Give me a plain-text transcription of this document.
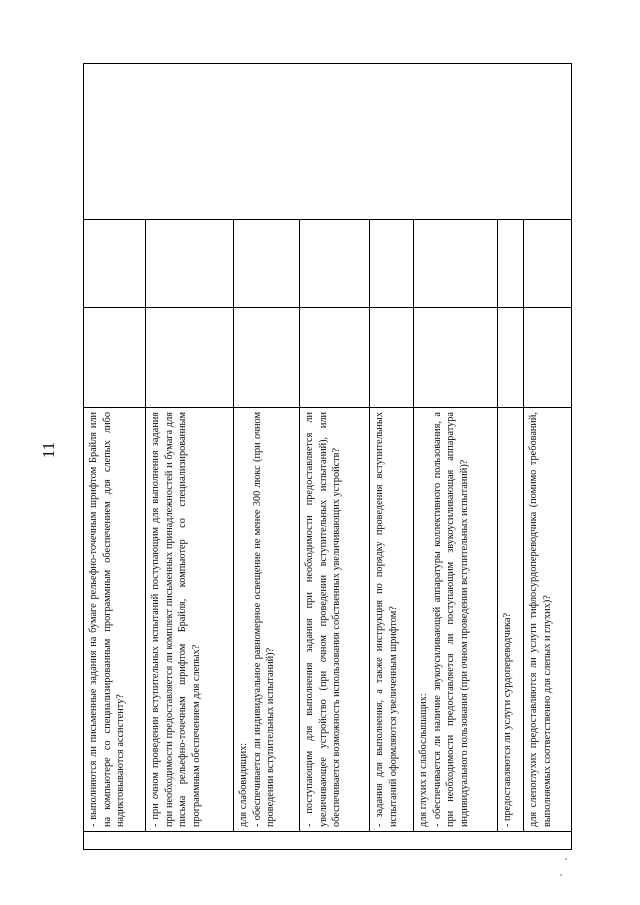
11

	- выполняются ли письменные задания на бумаге рельефно-точечным шрифтом Брайля или на компьютере со специализированным программным обеспечением для слепых либо надиктовываются ассистенту?			

	- при очном проведении вступительных испытаний поступающим для выполнения задания при необходимости предоставляется ли комплект письменных принадлежностей и бумага для письма рельефно-точечным шрифтом Брайля, компьютер со специализированным программным обеспечением для слепых?			

	для слабовидящих: - обеспечивается ли индивидуальное равномерное освещение не менее 300 люкс (при очном проведении вступительных испытаний)?			

	- поступающим для выполнения задания при необходимости предоставляется ли увеличивающее устройство (при очном проведении вступительных испытаний), или обеспечивается возможность использования собственных увеличивающих устройств?			

	- задания для выполнения, а также инструкция по порядку проведения вступительных испытаний оформляются увеличенным шрифтом?			

	для глухих и слабослышащих: - обеспечивается ли наличие звукоусиливающей аппаратуры коллективного пользования, а при необходимости предоставляется ли поступающим звукоусиливающая аппаратура индивидуального пользования (при очном проведении вступительных испытаний)?			

	- предоставляются ли услуги сурдопереводчика?			

	для слепоглухих предоставляются ли услуги тифлосурдопереводчика (помимо требований, выполняемых соответственно для слепых и глухих)?			
